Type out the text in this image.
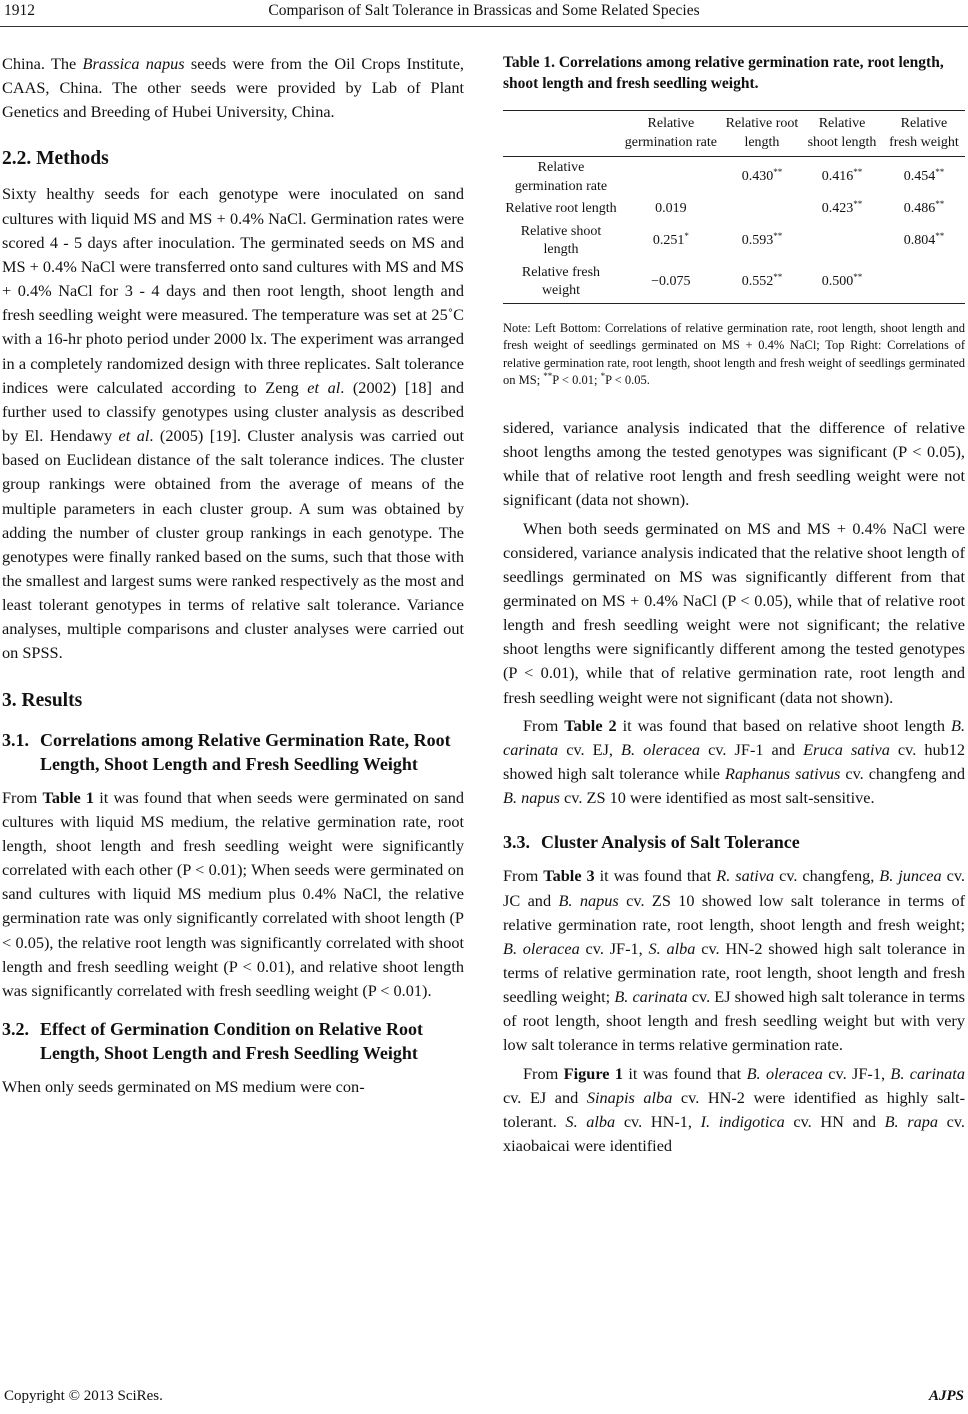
1912	Comparison of Salt Tolerance in Brassicas and Some Related Species

China. The Brassica napus seeds were from the Oil Crops Institute, CAAS, China. The other seeds were provided by Lab of Plant Genetics and Breeding of Hubei University, China.

2.2. Methods

Sixty healthy seeds for each genotype were inoculated on sand cultures with liquid MS and MS + 0.4% NaCl. Germination rates were scored 4 - 5 days after inoculation. The germinated seeds on MS and MS + 0.4% NaCl were transferred onto sand cultures with MS and MS + 0.4% NaCl for 3 - 4 days and then root length, shoot length and fresh seedling weight were measured. The temperature was set at 25˚C with a 16-hr photo period under 2000 lx. The experiment was arranged in a completely randomized design with three replicates. Salt tolerance indices were calculated according to Zeng et al. (2002) [18] and further used to classify genotypes using cluster analysis as described by El. Hendawy et al. (2005) [19]. Cluster analysis was carried out based on Euclidean distance of the salt tolerance indices. The cluster group rankings were obtained from the average of means of the multiple parameters in each cluster group. A sum was obtained by adding the number of cluster group rankings in each genotype. The genotypes were finally ranked based on the sums, such that those with the smallest and largest sums were ranked respectively as the most and least tolerant genotypes in terms of relative salt tolerance. Variance analyses, multiple comparisons and cluster analyses were carried out on SPSS.

3. Results
3.1. Correlations among Relative Germination Rate, Root Length, Shoot Length and Fresh Seedling Weight

From Table 1 it was found that when seeds were germinated on sand cultures with liquid MS medium, the relative germination rate, root length, shoot length and fresh seedling weight were significantly correlated with each other (P < 0.01); When seeds were germinated on sand cultures with liquid MS medium plus 0.4% NaCl, the relative germination rate was only significantly correlated with shoot length (P < 0.05), the relative root length was significantly correlated with shoot length and fresh seedling weight (P < 0.01), and relative shoot length was significantly correlated with fresh seedling weight (P < 0.01).

3.2. Effect of Germination Condition on Relative Root Length, Shoot Length and Fresh Seedling Weight

When only seeds germinated on MS medium were con-

Table 1. Correlations among relative germination rate, root length, shoot length and fresh seedling weight.
	Relative germination rate	Relative root length	Relative shoot length	Relative fresh weight
Relative germination rate		0.430**	0.416**	0.454**
Relative root length	0.019		0.423**	0.486**
Relative shoot length	0.251*	0.593**		0.804**
Relative fresh weight	−0.075	0.552**	0.500**	
Note: Left Bottom: Correlations of relative germination rate, root length, shoot length and fresh weight of seedlings germinated on MS + 0.4% NaCl; Top Right: Correlations of relative germination rate, root length, shoot length and fresh weight of seedlings germinated on MS; **P < 0.01; *P < 0.05.

sidered, variance analysis indicated that the difference of relative shoot lengths among the tested genotypes was significant (P < 0.05), while that of relative root length and fresh seedling weight were not significant (data not shown).

When both seeds germinated on MS and MS + 0.4% NaCl were considered, variance analysis indicated that the relative shoot length of seedlings germinated on MS was significantly different from that germinated on MS + 0.4% NaCl (P < 0.05), while that of relative root length and fresh seedling weight were not significant; the relative shoot lengths were significantly different among the tested genotypes (P < 0.01), while that of relative germination rate, root length and fresh seedling weight were not significant (data not shown).

From Table 2 it was found that based on relative shoot length B. carinata cv. EJ, B. oleracea cv. JF-1 and Eruca sativa cv. hub12 showed high salt tolerance while Raphanus sativus cv. changfeng and B. napus cv. ZS 10 were identified as most salt-sensitive.

3.3. Cluster Analysis of Salt Tolerance

From Table 3 it was found that R. sativa cv. changfeng, B. juncea cv. JC and B. napus cv. ZS 10 showed low salt tolerance in terms of relative germination rate, root length, shoot length and fresh weight; B. oleracea cv. JF-1, S. alba cv. HN-2 showed high salt tolerance in terms of relative germination rate, root length, shoot length and fresh seedling weight; B. carinata cv. EJ showed high salt tolerance in terms of root length, shoot length and fresh seedling weight but with very low salt tolerance in terms relative germination rate.

From Figure 1 it was found that B. oleracea cv. JF-1, B. carinata cv. EJ and Sinapis alba cv. HN-2 were identified as highly salt-tolerant. S. alba cv. HN-1, I. indigotica cv. HN and B. rapa cv. xiaobaicai were identified

Copyright © 2013 SciRes.	AJPS
